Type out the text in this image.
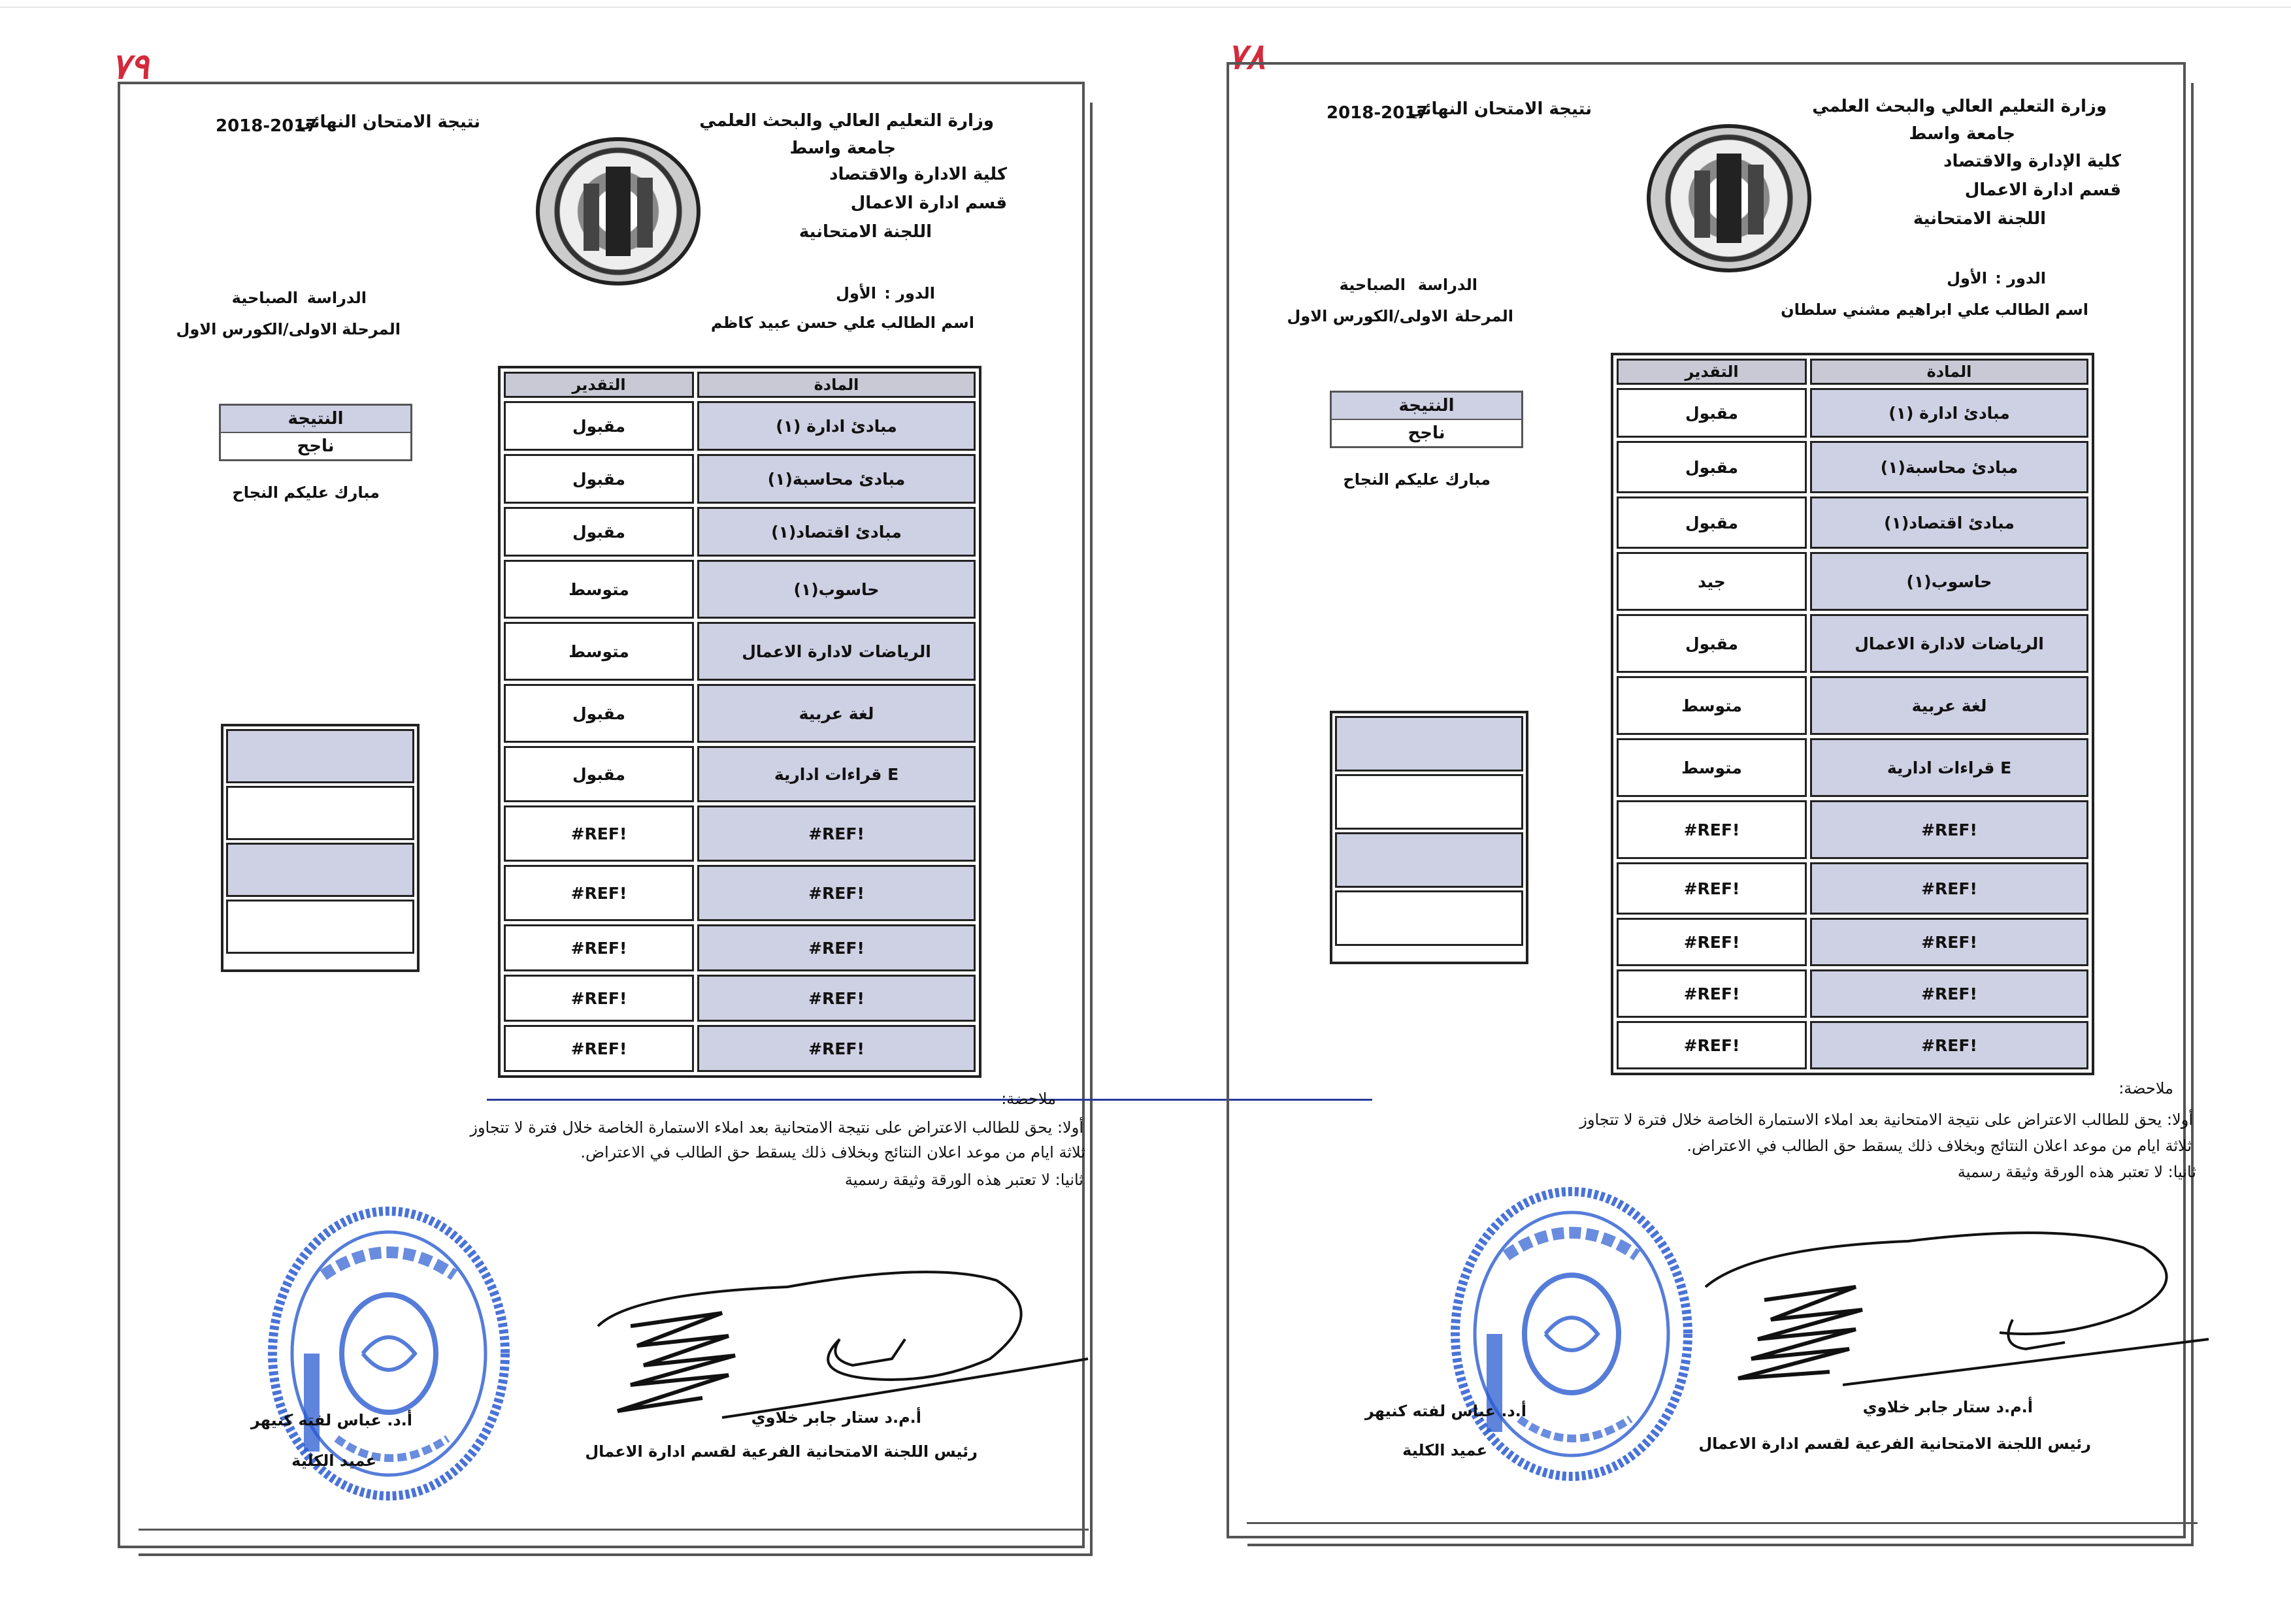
٧٩
وزارة التعليم العالي والبحث العلمي
جامعة واسط
كلية الادارة والاقتصاد
قسم ادارة الاعمال
اللجنة الامتحانية
نتيجة الامتحان النهائي
2018-2017
الدور :
الأول
اسم الطالب :
علي حسن عبيد كاظم
الدراسة
الصباحية
المرحلة
الاولى/الكورس الاول
النتيجة
ناجح
مبارك عليكم النجاح
التقدير	المادة
مقبول	مبادئ ادارة (١)
مقبول	مبادئ محاسبة(١)
مقبول	مبادئ اقتصاد(١)
متوسط	حاسوب(١)
متوسط	الرياضات لادارة الاعمال
مقبول	لغة عربية
مقبول	قراءات ادارية E
#REF!	#REF!
#REF!	#REF!
#REF!	#REF!
#REF!	#REF!
#REF!	#REF!
ملاحضة:
أولا: يحق للطالب الاعتراض على نتيجة الامتحانية بعد املاء الاستمارة الخاصة خلال فترة لا تتجاوز
ثلاثة ايام من موعد اعلان النتائج وبخلاف ذلك يسقط حق الطالب في الاعتراض.
ثانيا: لا تعتبر هذه الورقة وثيقة رسمية
أ.م.د ستار جابر خلاوي
رئيس اللجنة الامتحانية الفرعية لقسم ادارة الاعمال
أ.د. عباس لفته كنيهر
عميد الكلية
٧٨
وزارة التعليم العالي والبحث العلمي
جامعة واسط
كلية الإدارة والاقتصاد
قسم ادارة الاعمال
اللجنة الامتحانية
نتيجة الامتحان النهائي
2018-2017
الدور :
الأول
اسم الطالب :
علي ابراهيم مشني سلطان
الدراسة
الصباحية
المرحلة
الاولى/الكورس الاول
النتيجة
ناجح
مبارك عليكم النجاح
التقدير	المادة
مقبول	مبادئ ادارة (١)
مقبول	مبادئ محاسبة(١)
مقبول	مبادئ اقتصاد(١)
جيد	حاسوب(١)
مقبول	الرياضات لادارة الاعمال
متوسط	لغة عربية
متوسط	قراءات ادارية E
#REF!	#REF!
#REF!	#REF!
#REF!	#REF!
#REF!	#REF!
#REF!	#REF!
ملاحضة:
أولا: يحق للطالب الاعتراض على نتيجة الامتحانية بعد املاء الاستمارة الخاصة خلال فترة لا تتجاوز
ثلاثة ايام من موعد اعلان النتائج وبخلاف ذلك يسقط حق الطالب في الاعتراض.
ثانيا: لا تعتبر هذه الورقة وثيقة رسمية
أ.م.د ستار جابر خلاوي
رئيس اللجنة الامتحانية الفرعية لقسم ادارة الاعمال
أ.د. عباس لفته كنيهر
عميد الكلية
